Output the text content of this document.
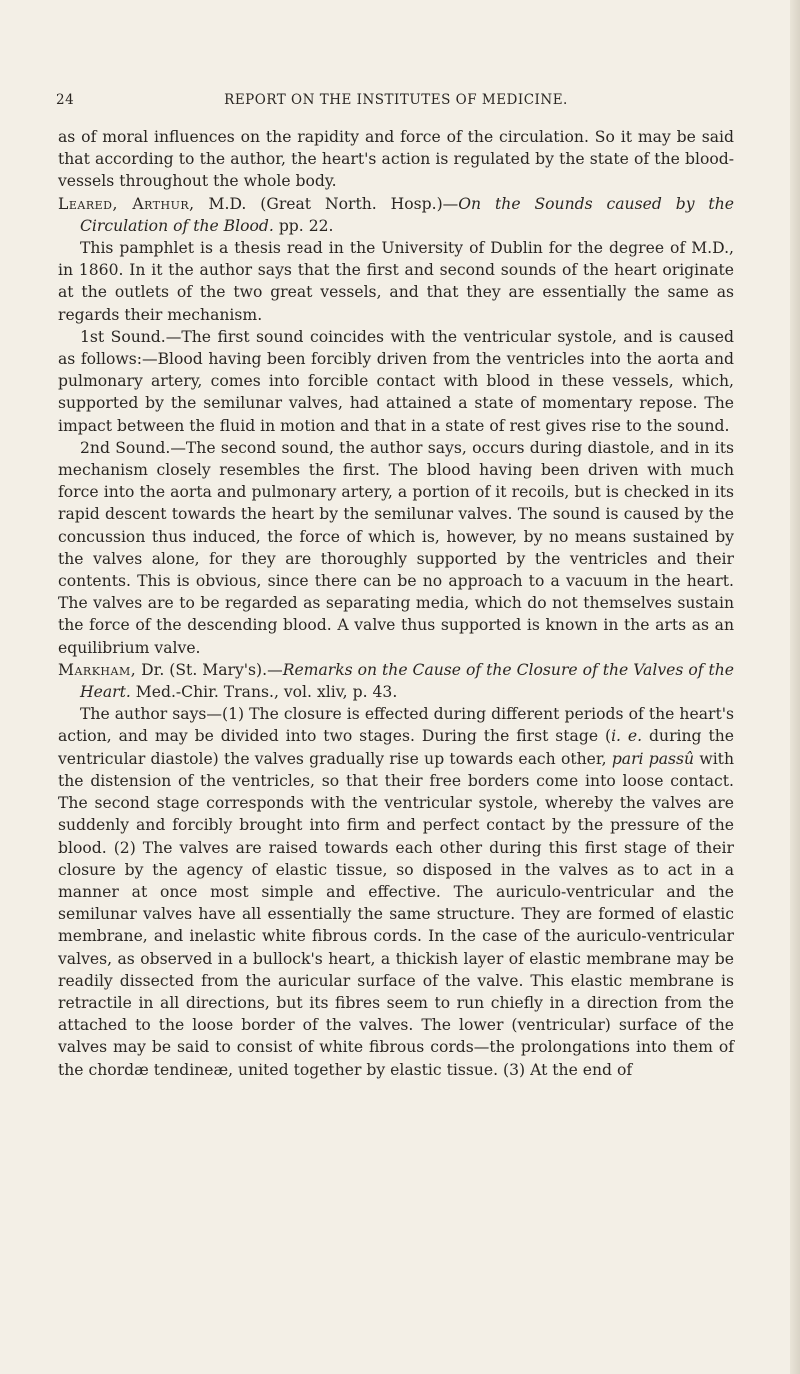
24	REPORT ON THE INSTITUTES OF MEDICINE.

as of moral influences on the rapidity and force of the circulation. So it may be said that according to the author, the heart's action is regulated by the state of the blood-vessels throughout the whole body.

Leared, Arthur, M.D. (Great North. Hosp.)—On the Sounds caused by the Circulation of the Blood. pp. 22.

This pamphlet is a thesis read in the University of Dublin for the degree of M.D., in 1860. In it the author says that the first and second sounds of the heart originate at the outlets of the two great vessels, and that they are essentially the same as regards their mechanism.

1st Sound.—The first sound coincides with the ventricular systole, and is caused as follows:—Blood having been forcibly driven from the ventricles into the aorta and pulmonary artery, comes into forcible contact with blood in these vessels, which, supported by the semilunar valves, had attained a state of momentary repose. The impact between the fluid in motion and that in a state of rest gives rise to the sound.

2nd Sound.—The second sound, the author says, occurs during diastole, and in its mechanism closely resembles the first. The blood having been driven with much force into the aorta and pulmonary artery, a portion of it recoils, but is checked in its rapid descent towards the heart by the semilunar valves. The sound is caused by the concussion thus induced, the force of which is, however, by no means sustained by the valves alone, for they are thoroughly supported by the ventricles and their contents. This is obvious, since there can be no approach to a vacuum in the heart. The valves are to be regarded as separating media, which do not themselves sustain the force of the descending blood. A valve thus supported is known in the arts as an equilibrium valve.

Markham, Dr. (St. Mary's).—Remarks on the Cause of the Closure of the Valves of the Heart. Med.-Chir. Trans., vol. xliv, p. 43.

The author says—(1) The closure is effected during different periods of the heart's action, and may be divided into two stages. During the first stage (i. e. during the ventricular diastole) the valves gradually rise up towards each other, pari passû with the distension of the ventricles, so that their free borders come into loose contact. The second stage corresponds with the ventricular systole, whereby the valves are suddenly and forcibly brought into firm and perfect contact by the pressure of the blood. (2) The valves are raised towards each other during this first stage of their closure by the agency of elastic tissue, so disposed in the valves as to act in a manner at once most simple and effective. The auriculo-ventricular and the semilunar valves have all essentially the same structure. They are formed of elastic membrane, and inelastic white fibrous cords. In the case of the auriculo-ventricular valves, as observed in a bullock's heart, a thickish layer of elastic membrane may be readily dissected from the auricular surface of the valve. This elastic membrane is retractile in all directions, but its fibres seem to run chiefly in a direction from the attached to the loose border of the valves. The lower (ventricular) surface of the valves may be said to consist of white fibrous cords—the prolongations into them of the chordæ tendineæ, united together by elastic tissue. (3) At the end of
